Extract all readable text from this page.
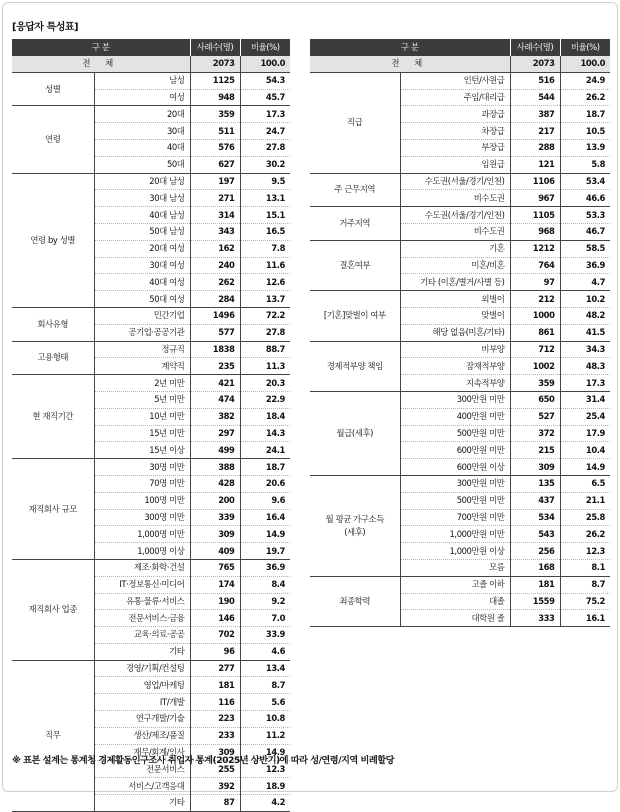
[응답자 특성표]
구 분		사례수(명)	비율(%)
전 체		2073	100.0
성별	남성	1125	54.3
	여성	948	45.7
연령	20대	359	17.3
	30대	511	24.7
	40대	576	27.8
	50대	627	30.2
연령 by 성별	20대 남성	197	9.5
	30대 남성	271	13.1
	40대 남성	314	15.1
	50대 남성	343	16.5
	20대 여성	162	7.8
	30대 여성	240	11.6
	40대 여성	262	12.6
	50대 여성	284	13.7
회사유형	민간기업	1496	72.2
	공기업·공공기관	577	27.8
고용형태	정규직	1838	88.7
	계약직	235	11.3
현 재직기간	2년 미만	421	20.3
	5년 미만	474	22.9
	10년 미만	382	18.4
	15년 미만	297	14.3
	15년 이상	499	24.1
재직회사 규모	30명 미만	388	18.7
	70명 미만	428	20.6
	100명 미만	200	9.6
	300명 미만	339	16.4
	1,000명 미만	309	14.9
	1,000명 이상	409	19.7
재직회사 업종	제조·화학·건설	765	36.9
	IT·정보통신·미디어	174	8.4
	유통·물류·서비스	190	9.2
	전문서비스·금융	146	7.0
	교육·의료·공공	702	33.9
	기타	96	4.6
직무	경영/기획/컨설팅	277	13.4
	영업/마케팅	181	8.7
	IT/개발	116	5.6
	연구개발/기술	223	10.8
	생산/제조/품질	233	11.2
	재무/회계/인사	309	14.9
	전문서비스	255	12.3
	서비스/고객응대	392	18.9
	기타	87	4.2
구 분		사례수(명)	비율(%)
전 체		2073	100.0
직급	인턴/사원급	516	24.9
	주임/대리급	544	26.2
	과장급	387	18.7
	차장급	217	10.5
	부장급	288	13.9
	임원급	121	5.8
주 근무지역	수도권(서울/경기/인천)	1106	53.4
	비수도권	967	46.6
거주지역	수도권(서울/경기/인천)	1105	53.3
	비수도권	968	46.7
결혼여부	기혼	1212	58.5
	미혼/비혼	764	36.9
	기타 (이혼/별거/사별 등)	97	4.7
[기혼]맞벌이 여부	외벌이	212	10.2
	맞벌이	1000	48.2
	해당 없음(미혼/기타)	861	41.5
경제적부양 책임	비부양	712	34.3
	잠재적부양	1002	48.3
	지속적부양	359	17.3
월급(세후)	300만원 미만	650	31.4
	400만원 미만	527	25.4
	500만원 미만	372	17.9
	600만원 미만	215	10.4
	600만원 이상	309	14.9
월 평균 가구소득
(세후)	300만원 미만	135	6.5
	500만원 미만	437	21.1
	700만원 미만	534	25.8
	1,000만원 미만	543	26.2
	1,000만원 이상	256	12.3
	모름	168	8.1
최종학력	고졸 이하	181	8.7
	대졸	1559	75.2
	대학원 졸	333	16.1
※ 표본 설계는 통계청 경제활동인구조사 취업자 통계(2025년 상반기)에 따라 성/연령/지역 비례할당
